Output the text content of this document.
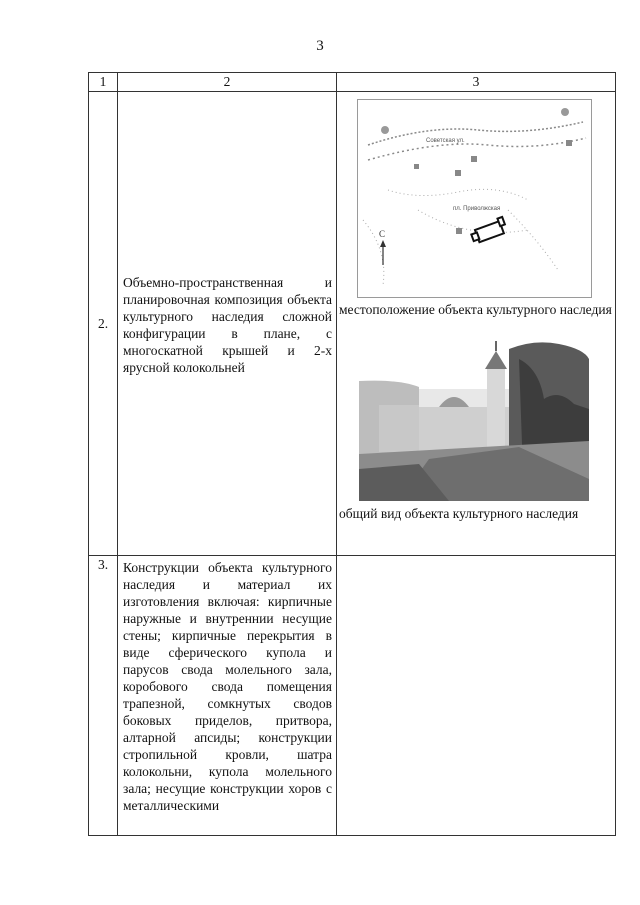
3
1	2	3
2.	Объемно-пространственная и планировочная композиция объекта культурного наследия сложной конфигурации в плане, с многоскатной крышей и 2-х ярусной колокольней	Советская ул.
пл. Приволжская
С
местоположение объекта культурного наследия
общий вид объекта культурного наследия

3.	Конструкции объекта культурного наследия и материал их изготовления включая: кирпичные наружные и внутреннии несущие стены; кирпичные перекрытия в виде сферического купола и парусов свода молельного зала, коробового свода помещения трапезной, сомкнутых сводов боковых приделов, притвора, алтарной апсиды; конструкции стропильной кровли, шатра колокольни, купола молельного зала; несущие конструкции хоров с металлическими	
